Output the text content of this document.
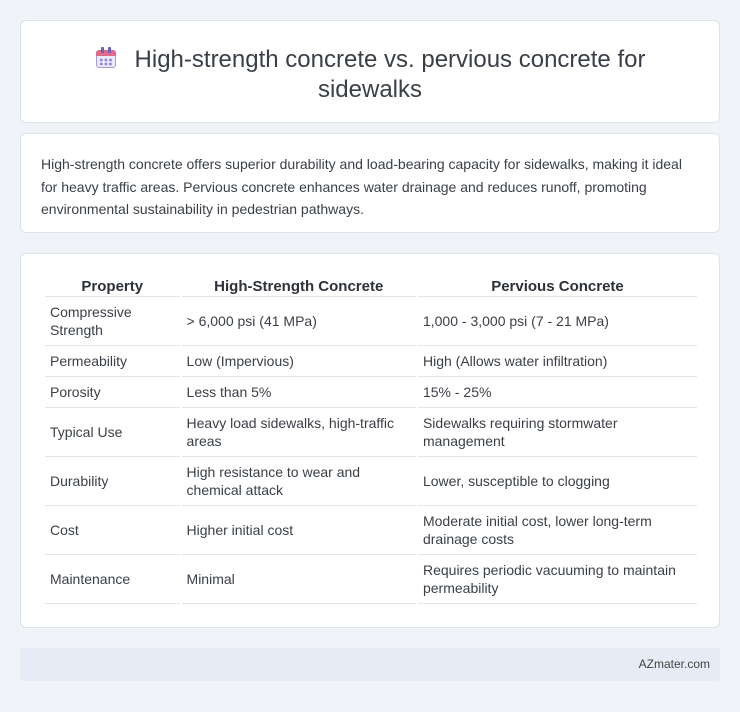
High-strength concrete vs. pervious concrete for sidewalks

High-strength concrete offers superior durability and load-bearing capacity for sidewalks, making it ideal for heavy traffic areas. Pervious concrete enhances water drainage and reduces runoff, promoting environmental sustainability in pedestrian pathways.

Property	High-Strength Concrete	Pervious Concrete
Compressive Strength	> 6,000 psi (41 MPa)	1,000 - 3,000 psi (7 - 21 MPa)
Permeability	Low (Impervious)	High (Allows water infiltration)
Porosity	Less than 5%	15% - 25%
Typical Use	Heavy load sidewalks, high-traffic areas	Sidewalks requiring stormwater management
Durability	High resistance to wear and chemical attack	Lower, susceptible to clogging
Cost	Higher initial cost	Moderate initial cost, lower long-term drainage costs
Maintenance	Minimal	Requires periodic vacuuming to maintain permeability
AZmater.com
